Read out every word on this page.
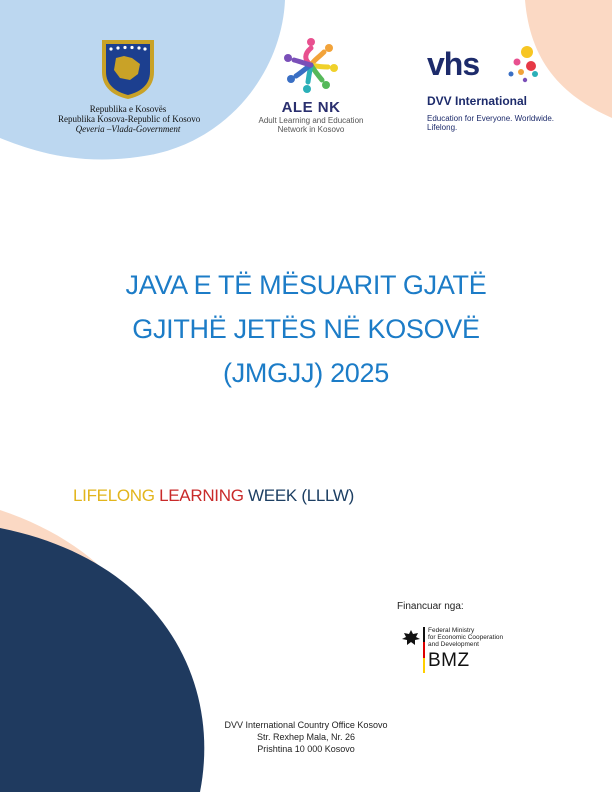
Republika e Kosovës
Republika Kosova-Republic of Kosovo
Qeveria –Vlada-Government
ALE NK
Adult Learning and Education
Network in Kosovo
vhs
DVV International
Education for Everyone. Worldwide.
Lifelong.
JAVA E TË MËSUARIT GJATË
GJITHË JETËS NË KOSOVË
(JMGJJ) 2025
LIFELONG LEARNING WEEK (LLLW)
Financuar nga:
Federal Ministry
for Economic Cooperation
and Development
BMZ
DVV International Country Office Kosovo
Str. Rexhep Mala, Nr. 26
Prishtina 10 000 Kosovo
